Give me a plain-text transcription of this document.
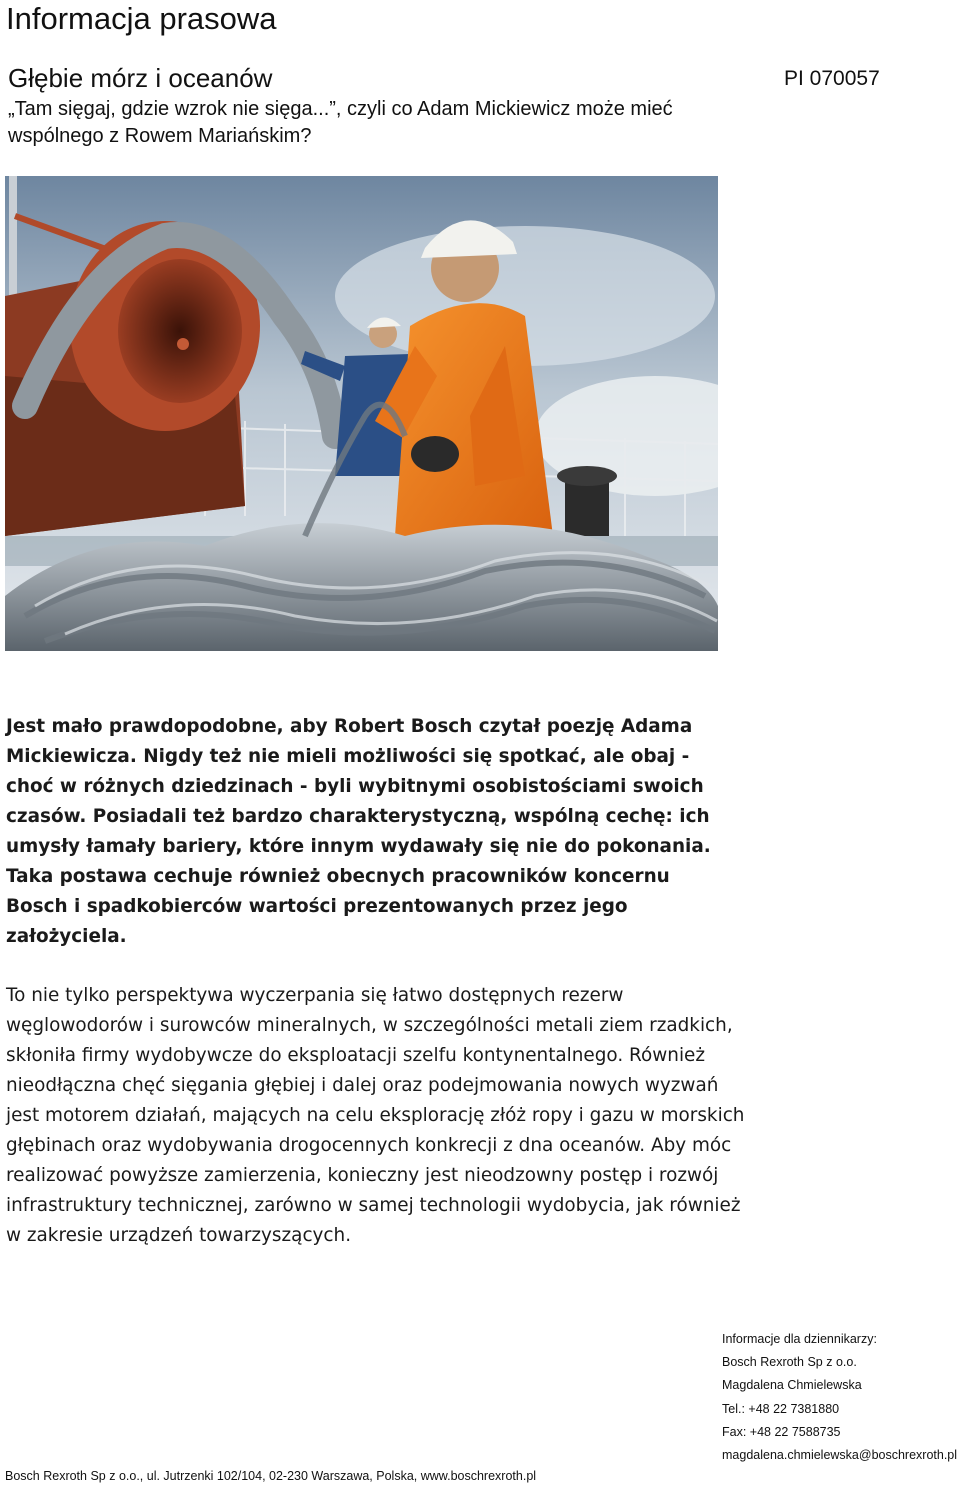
Informacja prasowa
Głębie mórz i oceanów	PI 070057
„Tam sięgaj, gdzie wzrok nie sięga...”, czyli co Adam Mickiewicz może mieć wspólnego z Rowem Mariańskim?

Jest mało prawdopodobne, aby Robert Bosch czytał poezję Adama Mickiewicza. Nigdy też nie mieli możliwości się spotkać, ale obaj - choć w różnych dziedzinach - byli wybitnymi osobistościami swoich czasów. Posiadali też bardzo charakterystyczną, wspólną cechę: ich umysły łamały bariery, które innym wydawały się nie do pokonania. Taka postawa cechuje również obecnych pracowników koncernu Bosch i spadkobierców wartości prezentowanych przez jego założyciela.

To nie tylko perspektywa wyczerpania się łatwo dostępnych rezerw węglowodorów i surowców mineralnych, w szczególności metali ziem rzadkich, skłoniła firmy wydobywcze do eksploatacji szelfu kontynentalnego. Również nieodłączna chęć sięgania głębiej i dalej oraz podejmowania nowych wyzwań jest motorem działań, mających na celu eksplorację złóż ropy i gazu w morskich głębinach oraz wydobywania drogocennych konkrecji z dna oceanów. Aby móc realizować powyższe zamierzenia, konieczny jest nieodzowny postęp i rozwój infrastruktury technicznej, zarówno w samej technologii wydobycia, jak również w zakresie urządzeń towarzyszących.

Informacje dla dziennikarzy:
Bosch Rexroth Sp z o.o.
Magdalena Chmielewska
Tel.: +48 22 7381880
Fax: +48 22 7588735
magdalena.chmielewska@boschrexroth.pl
Bosch Rexroth Sp z o.o., ul. Jutrzenki 102/104, 02-230 Warszawa, Polska, www.boschrexroth.pl
